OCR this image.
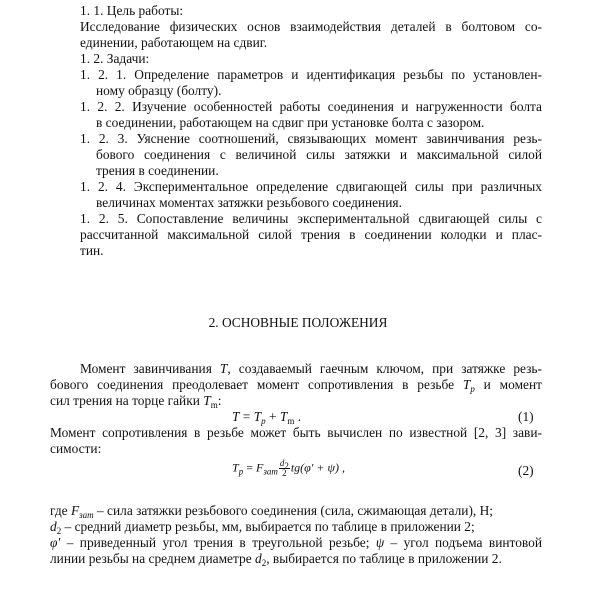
1. 1. Цель работы:
Исследование физических основ взаимодействия деталей в болтовом со-
единении, работающем на сдвиг.
1. 2. Задачи:
1. 2. 1. Определение параметров и идентификация резьбы по установлен-
ному образцу (болту).
1. 2. 2. Изучение особенностей работы соединения и нагруженности болта
в соединении, работающем на сдвиг при установке болта с зазором.
1. 2. 3. Уяснение соотношений, связывающих момент завинчивания резь-
бового соединения с величиной силы затяжки и максимальной силой
трения в соединении.
1. 2. 4. Экспериментальное определение сдвигающей силы при различных
величинах моментах затяжки резьбового соединения.
1. 2. 5. Сопоставление величины экспериментальной сдвигающей силы с
рассчитанной максимальной силой трения в соединении колодки и плас-
тин.
2. ОСНОВНЫЕ ПОЛОЖЕНИЯ
Момент завинчивания T, создаваемый гаечным ключом, при затяжке резь-
бового соединения преодолевает момент сопротивления в резьбе $T_p$ и момент
сил трения на торце гайки $T_m$:
$T = T_p + T_m$ .	(1)
Момент сопротивления в резьбе может быть вычислен по известной [2, 3] зави-
симости:
$T_p = F_{зат} \frac{d_2}{2} tg(\varphi' + \psi)$ ,	(2)
где $F_{зат}$ – сила затяжки резьбового соединения (сила, сжимающая детали), Н;
$d_2$ – средний диаметр резьбы, мм, выбирается по таблице в приложении 2;
φ′ – приведенный угол трения в треугольной резьбе; ψ – угол подъема винтовой
линии резьбы на среднем диаметре $d_2$, выбирается по таблице в приложении 2.
